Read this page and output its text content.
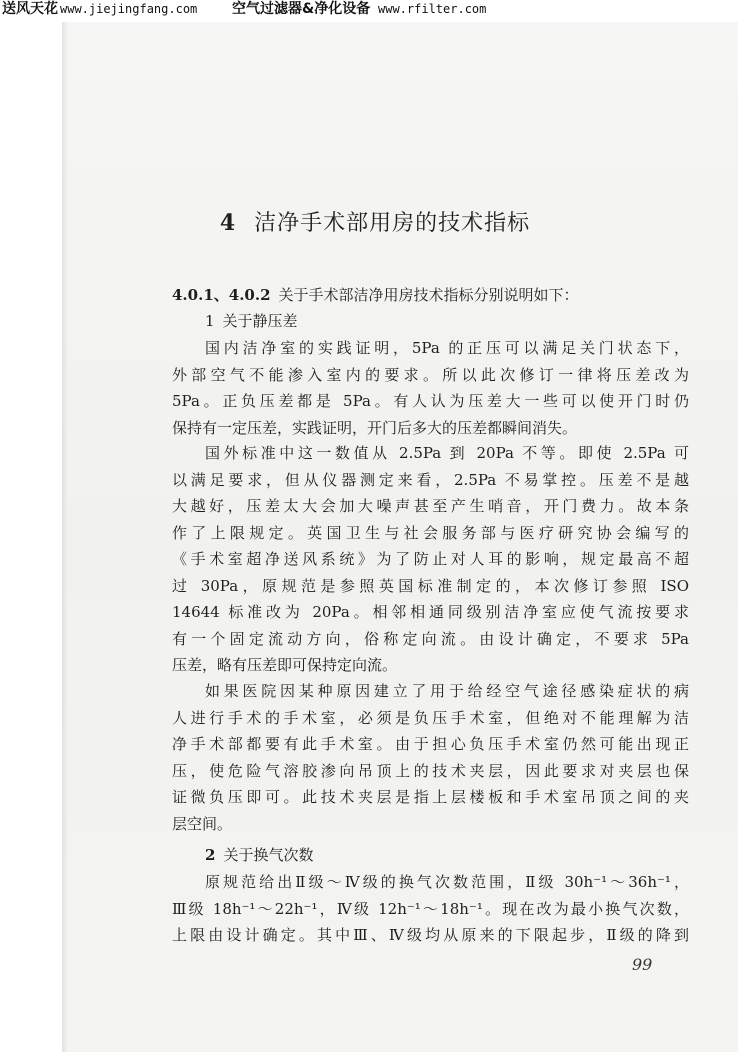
送风天花 www.jiejingfang.com 空气过滤器&净化设备 www.rfilter.com
4 洁净手术部用房的技术指标
4.0.1、4.0.2 关于手术部洁净用房技术指标分别说明如下：
1 关于静压差
国内洁净室的实践证明，5Pa 的正压可以满足关门状态下，
外部空气不能渗入室内的要求。所以此次修订一律将压差改为
5Pa。正负压差都是 5Pa。有人认为压差大一些可以使开门时仍
保持有一定压差，实践证明，开门后多大的压差都瞬间消失。
国外标准中这一数值从 2.5Pa 到 20Pa 不等。即使 2.5Pa 可
以满足要求，但从仪器测定来看，2.5Pa 不易掌控。压差不是越
大越好，压差太大会加大噪声甚至产生哨音，开门费力。故本条
作了上限规定。英国卫生与社会服务部与医疗研究协会编写的
《手术室超净送风系统》为了防止对人耳的影响，规定最高不超
过 30Pa，原规范是参照英国标准制定的，本次修订参照 ISO
14644 标准改为 20Pa。相邻相通同级别洁净室应使气流按要求
有一个固定流动方向，俗称定向流。由设计确定，不要求 5Pa
压差，略有压差即可保持定向流。
如果医院因某种原因建立了用于给经空气途径感染症状的病
人进行手术的手术室，必须是负压手术室，但绝对不能理解为洁
净手术部都要有此手术室。由于担心负压手术室仍然可能出现正
压，使危险气溶胶渗向吊顶上的技术夹层，因此要求对夹层也保
证微负压即可。此技术夹层是指上层楼板和手术室吊顶之间的夹
层空间。
2 关于换气次数
原规范给出Ⅱ级～Ⅳ级的换气次数范围，Ⅱ级 30h⁻¹～36h⁻¹，
Ⅲ级 18h⁻¹～22h⁻¹，Ⅳ级 12h⁻¹～18h⁻¹。现在改为最小换气次数，
上限由设计确定。其中Ⅲ、Ⅳ级均从原来的下限起步，Ⅱ级的降到
99
